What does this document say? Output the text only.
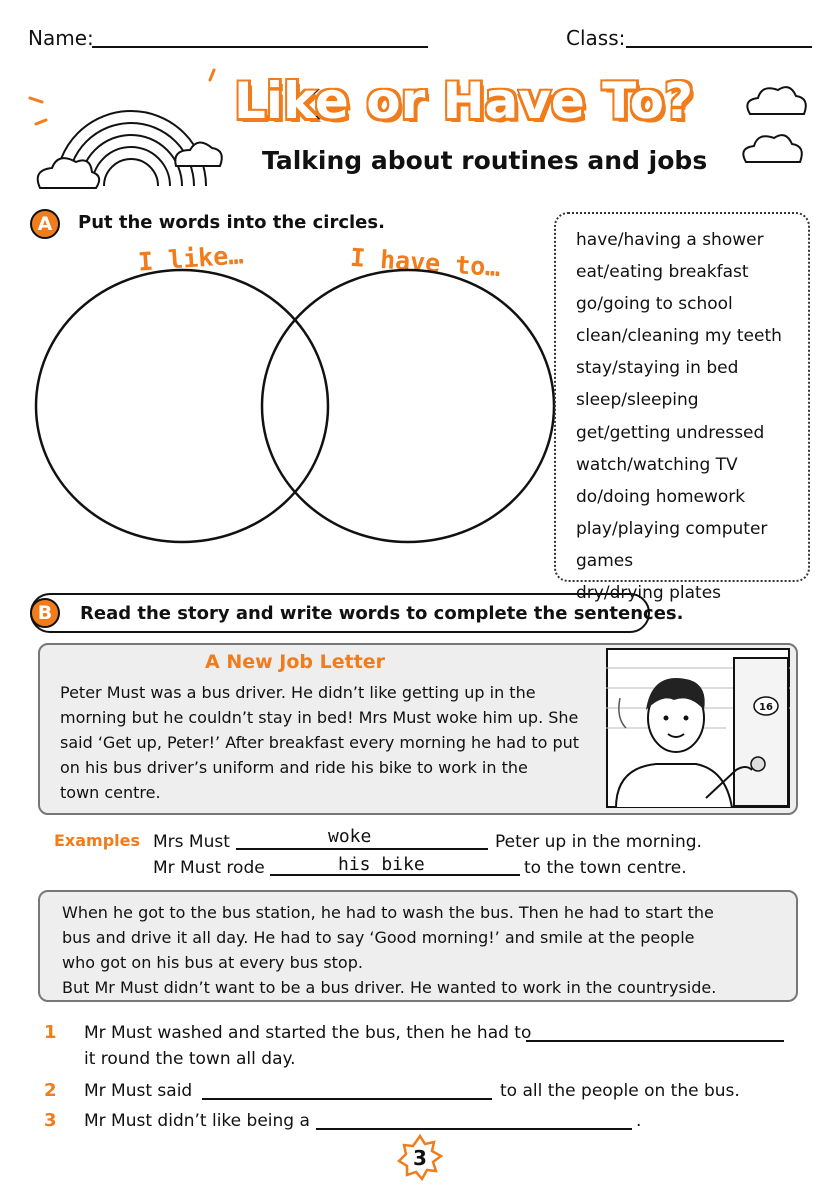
Name:	Class:
Like or Have To?
Talking about routines and jobs
A	Put the words into the circles.
I like…	I have to…
have/having a shower
eat/eating breakfast
go/going to school
clean/cleaning my teeth
stay/staying in bed
sleep/sleeping
get/getting undressed
watch/watching TV
do/doing homework
play/playing computer games
dry/drying plates
B	Read the story and write words to complete the sentences.
A New Job Letter
Peter Must was a bus driver. He didn’t like getting up in the
morning but he couldn’t stay in bed! Mrs Must woke him up. She
said ‘Get up, Peter!’ After breakfast every morning he had to put
on his bus driver’s uniform and ride his bike to work in the
town centre.
16
Examples Mrs Must	woke	Peter up in the morning.
Mr Must rode	his bike	to the town centre.
When he got to the bus station, he had to wash the bus. Then he had to start the
bus and drive it all day. He had to say ‘Good morning!’ and smile at the people
who got on his bus at every bus stop.
But Mr Must didn’t want to be a bus driver. He wanted to work in the countryside.
1 Mr Must washed and started the bus, then he had to
it round the town all day.
2 Mr Must said	to all the people on the bus.
3 Mr Must didn’t like being a	.
3
